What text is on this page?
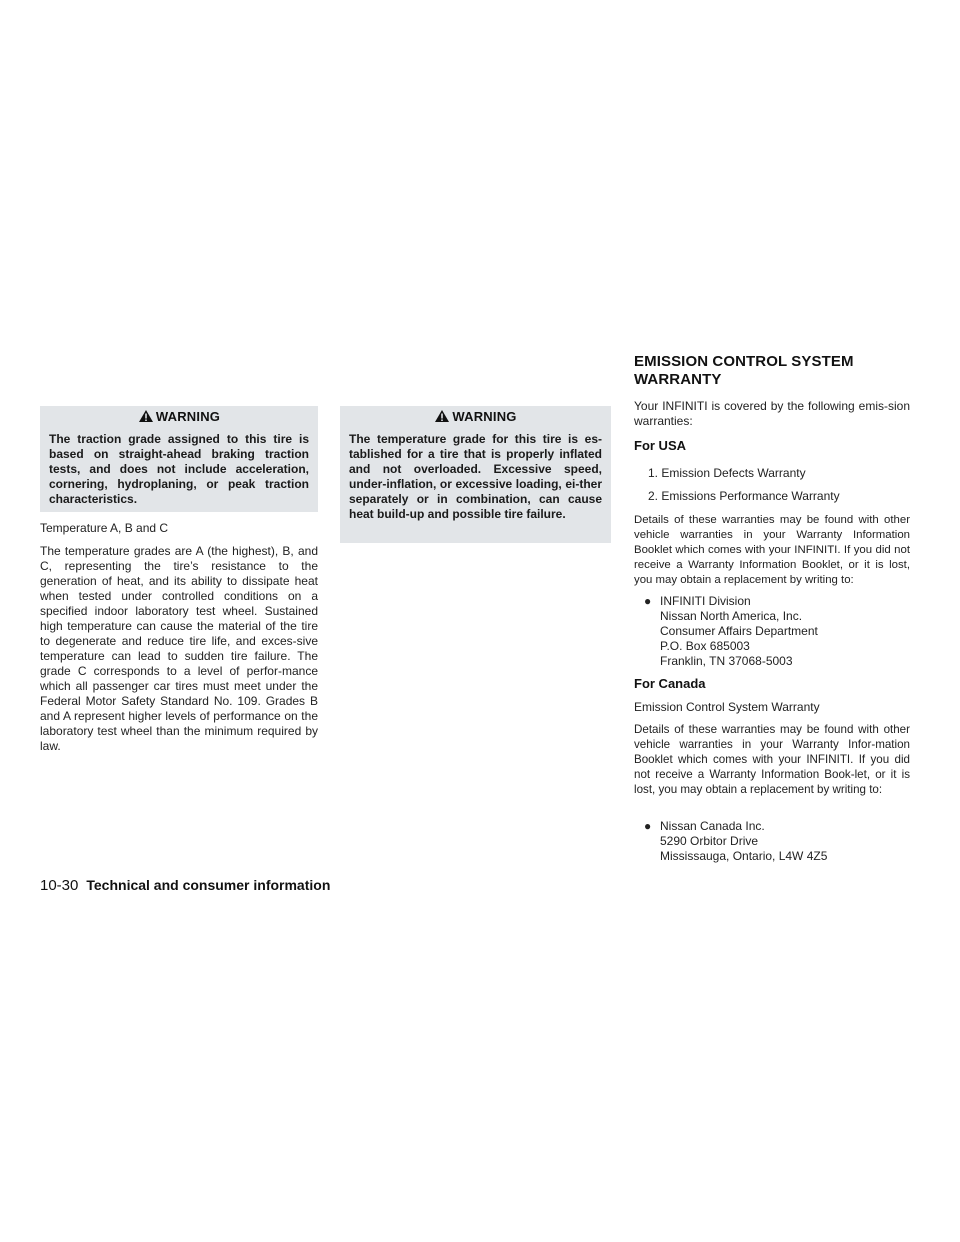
WARNING
The traction grade assigned to this tire is based on straight-ahead braking traction tests, and does not include acceleration, cornering, hydroplaning, or peak traction characteristics.
Temperature A, B and C
The temperature grades are A (the highest), B, and C, representing the tire’s resistance to the generation of heat, and its ability to dissipate heat when tested under controlled conditions on a specified indoor laboratory test wheel. Sustained high temperature can cause the material of the tire to degenerate and reduce tire life, and exces-sive temperature can lead to sudden tire failure. The grade C corresponds to a level of perfor-mance which all passenger car tires must meet under the Federal Motor Safety Standard No. 109. Grades B and A represent higher levels of performance on the laboratory test wheel than the minimum required by law.
WARNING
The temperature grade for this tire is es-tablished for a tire that is properly inflated and not overloaded. Excessive speed, under-inflation, or excessive loading, ei-ther separately or in combination, can cause heat build-up and possible tire failure.
EMISSION CONTROL SYSTEM
WARRANTY
Your INFINITI is covered by the following emis-sion warranties:
For USA
1. Emission Defects Warranty
2. Emissions Performance Warranty
Details of these warranties may be found with other vehicle warranties in your Warranty Information Booklet which comes with your INFINITI. If you did not receive a Warranty Information Booklet, or it is lost, you may obtain a replacement by writing to:
● INFINITI Division
Nissan North America, Inc.
Consumer Affairs Department
P.O. Box 685003
Franklin, TN 37068-5003
For Canada
Emission Control System Warranty
Details of these warranties may be found with other vehicle warranties in your Warranty Infor-mation Booklet which comes with your INFINITI. If you did not receive a Warranty Information Book-let, or it is lost, you may obtain a replacement by writing to:
● Nissan Canada Inc.
5290 Orbitor Drive
Mississauga, Ontario, L4W 4Z5
10-30 Technical and consumer information
